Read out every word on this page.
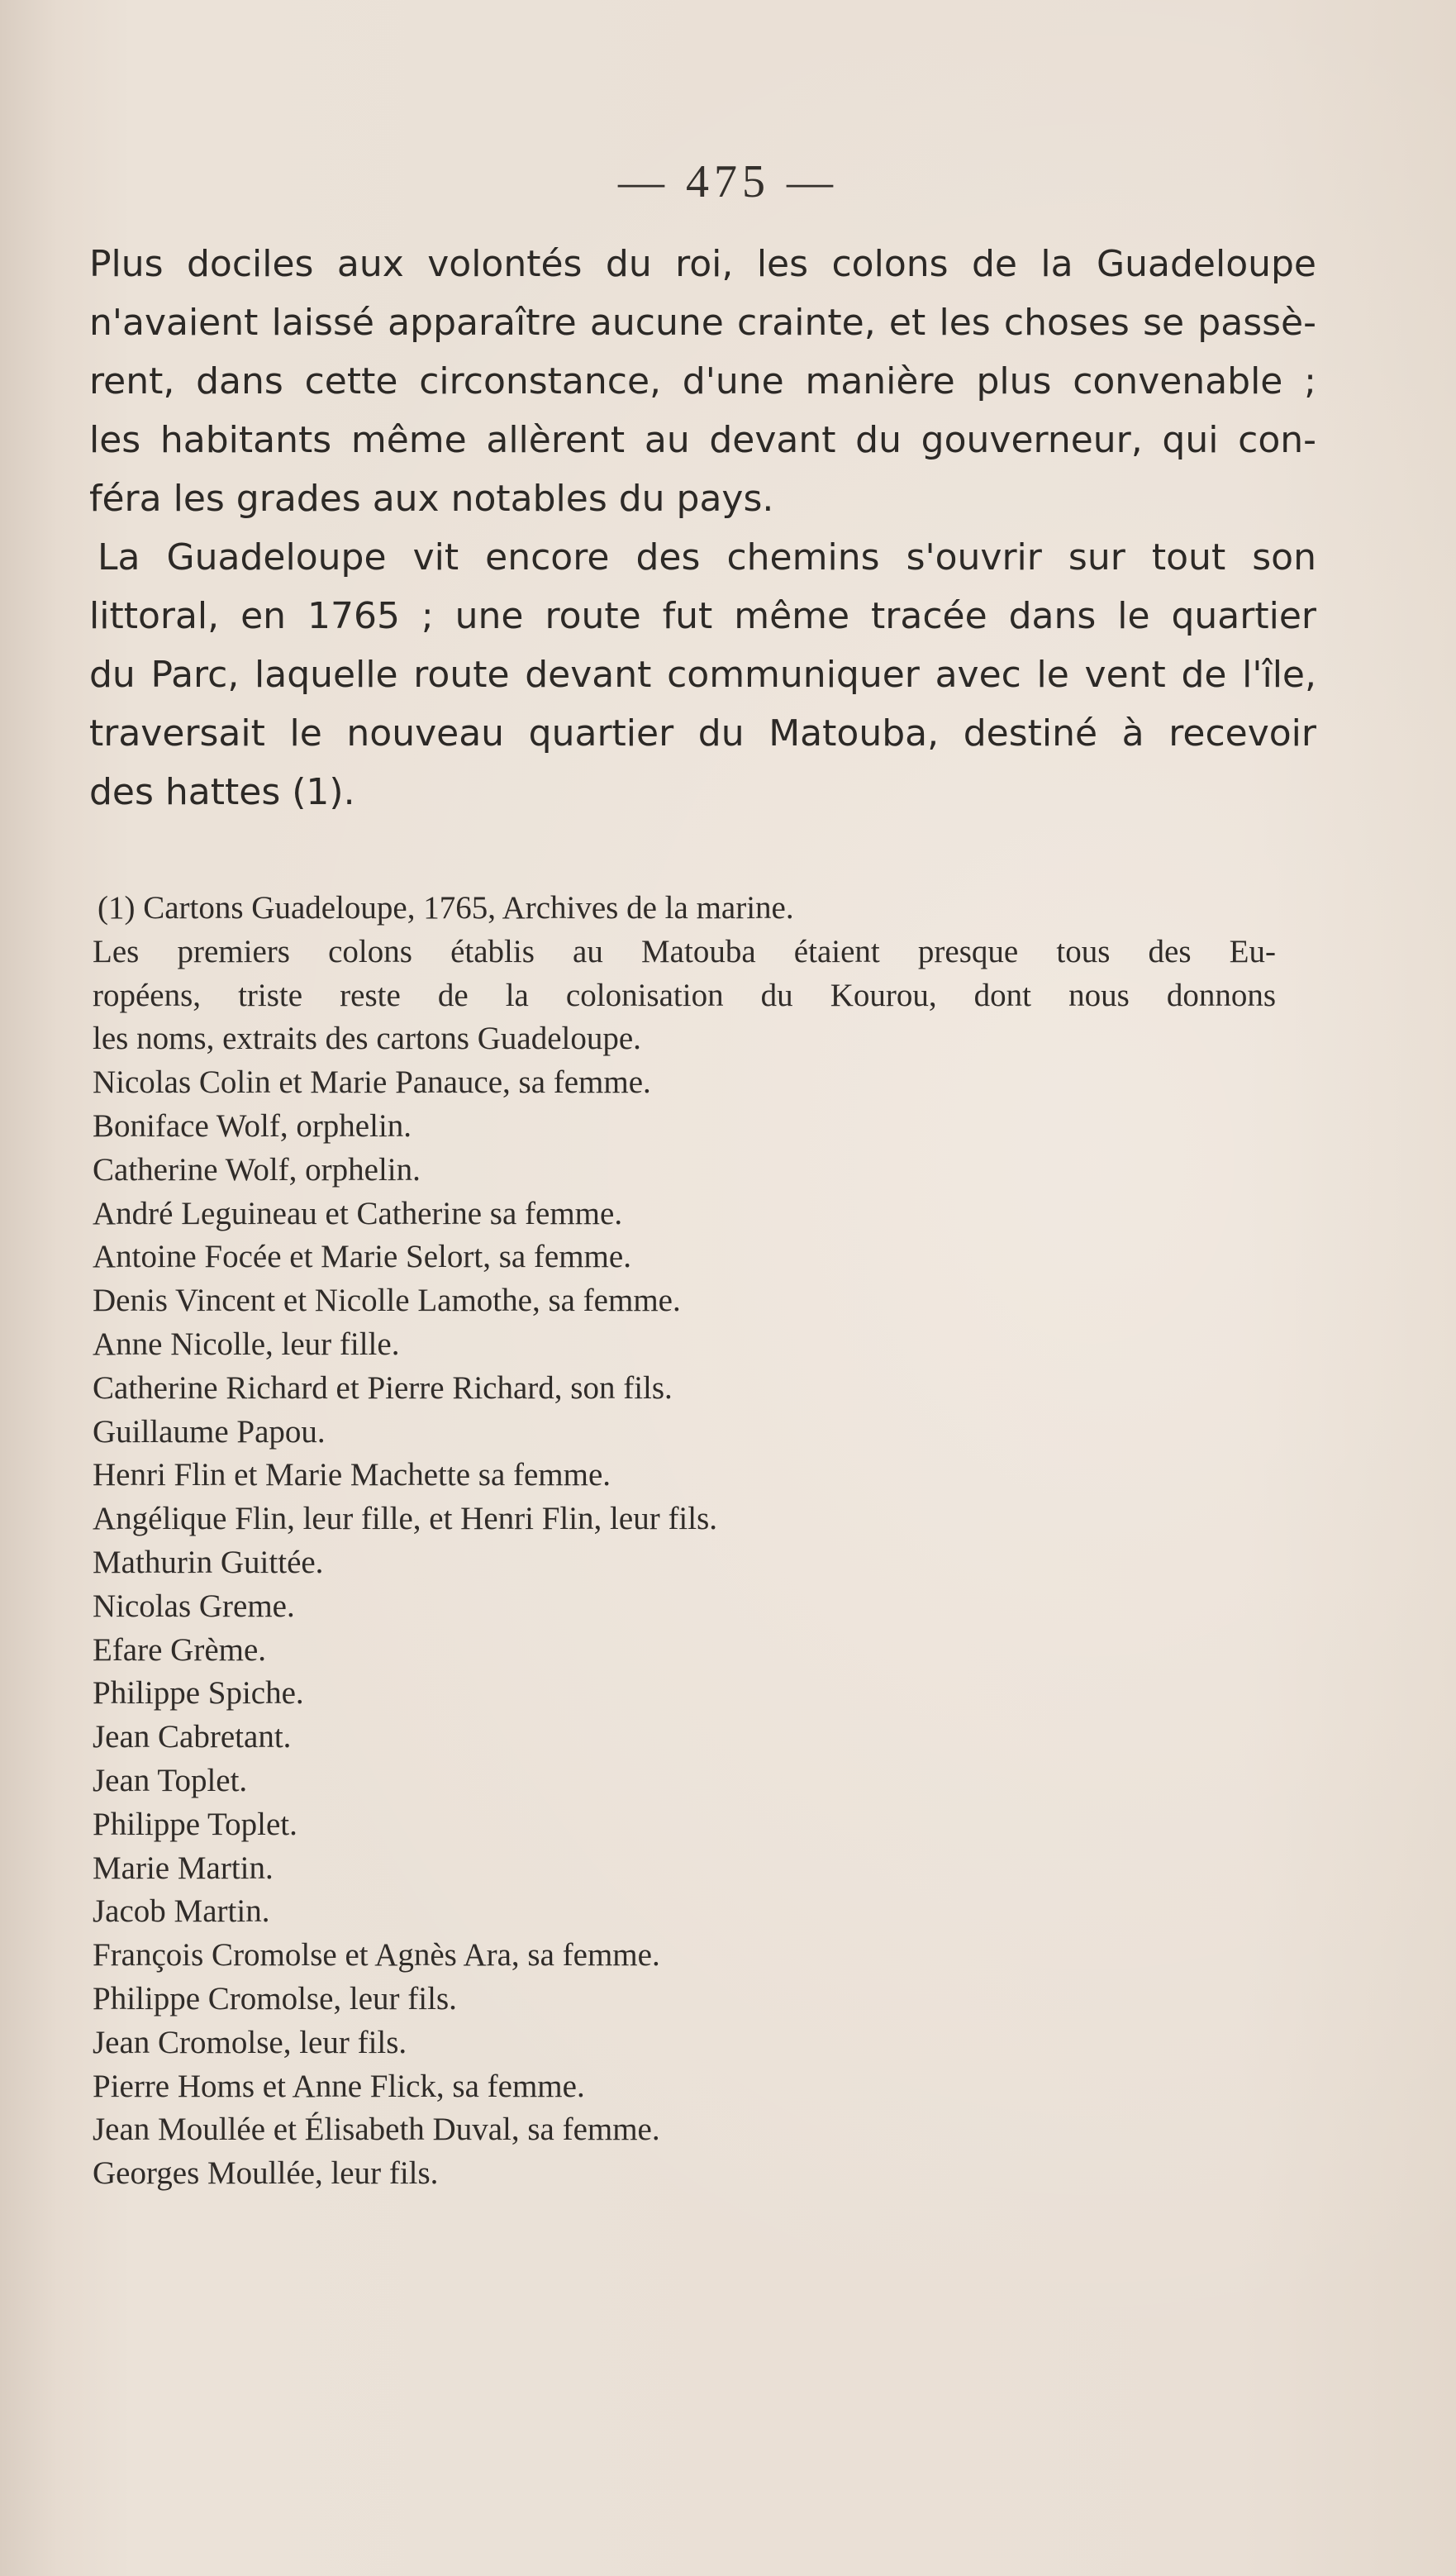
— 475 —

Plus dociles aux volontés du roi, les colons de la Guadeloupe
n'avaient laissé apparaître aucune crainte, et les choses se passè-
rent, dans cette circonstance, d'une manière plus convenable ;
les habitants même allèrent au devant du gouverneur, qui con-
féra les grades aux notables du pays.

La Guadeloupe vit encore des chemins s'ouvrir sur tout son
littoral, en 1765 ; une route fut même tracée dans le quartier
du Parc, laquelle route devant communiquer avec le vent de l'île,
traversait le nouveau quartier du Matouba, destiné à recevoir
des hattes (1).

(1) Cartons Guadeloupe, 1765, Archives de la marine.
Les premiers colons établis au Matouba étaient presque tous des Eu-
ropéens, triste reste de la colonisation du Kourou, dont nous donnons
les noms, extraits des cartons Guadeloupe.
Nicolas Colin et Marie Panauce, sa femme.
Boniface Wolf, orphelin.
Catherine Wolf, orphelin.
André Leguineau et Catherine sa femme.
Antoine Focée et Marie Selort, sa femme.
Denis Vincent et Nicolle Lamothe, sa femme.
Anne Nicolle, leur fille.
Catherine Richard et Pierre Richard, son fils.
Guillaume Papou.
Henri Flin et Marie Machette sa femme.
Angélique Flin, leur fille, et Henri Flin, leur fils.
Mathurin Guittée.
Nicolas Greme.
Efare Grème.
Philippe Spiche.
Jean Cabretant.
Jean Toplet.
Philippe Toplet.
Marie Martin.
Jacob Martin.
François Cromolse et Agnès Ara, sa femme.
Philippe Cromolse, leur fils.
Jean Cromolse, leur fils.
Pierre Homs et Anne Flick, sa femme.
Jean Moullée et Élisabeth Duval, sa femme.
Georges Moullée, leur fils.
